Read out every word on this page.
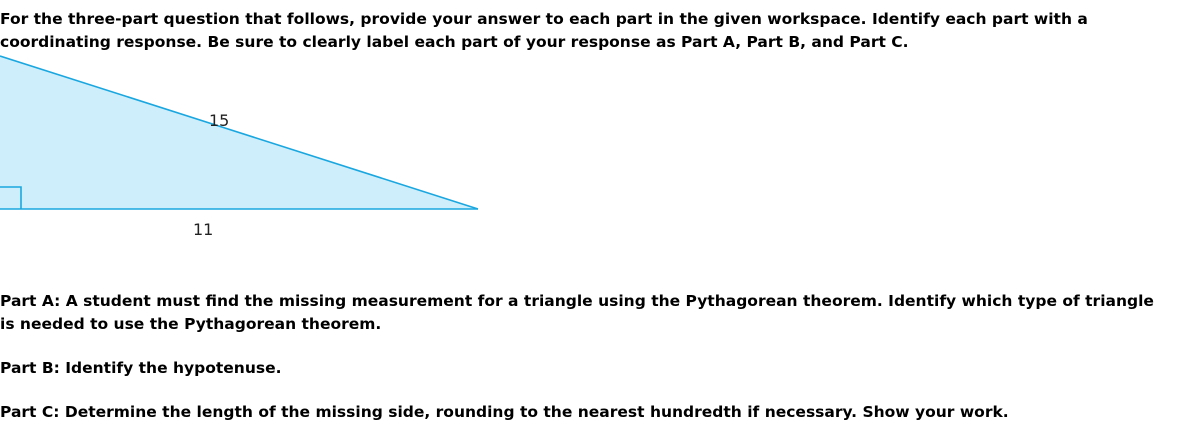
For the three-part question that follows, provide your answer to each part in the given workspace. Identify each part with a
coordinating response. Be sure to clearly label each part of your response as Part A, Part B, and Part C.

15
11

Part A: A student must find the missing measurement for a triangle using the Pythagorean theorem. Identify which type of triangle
is needed to use the Pythagorean theorem.

Part B: Identify the hypotenuse.

Part C: Determine the length of the missing side, rounding to the nearest hundredth if necessary. Show your work.
